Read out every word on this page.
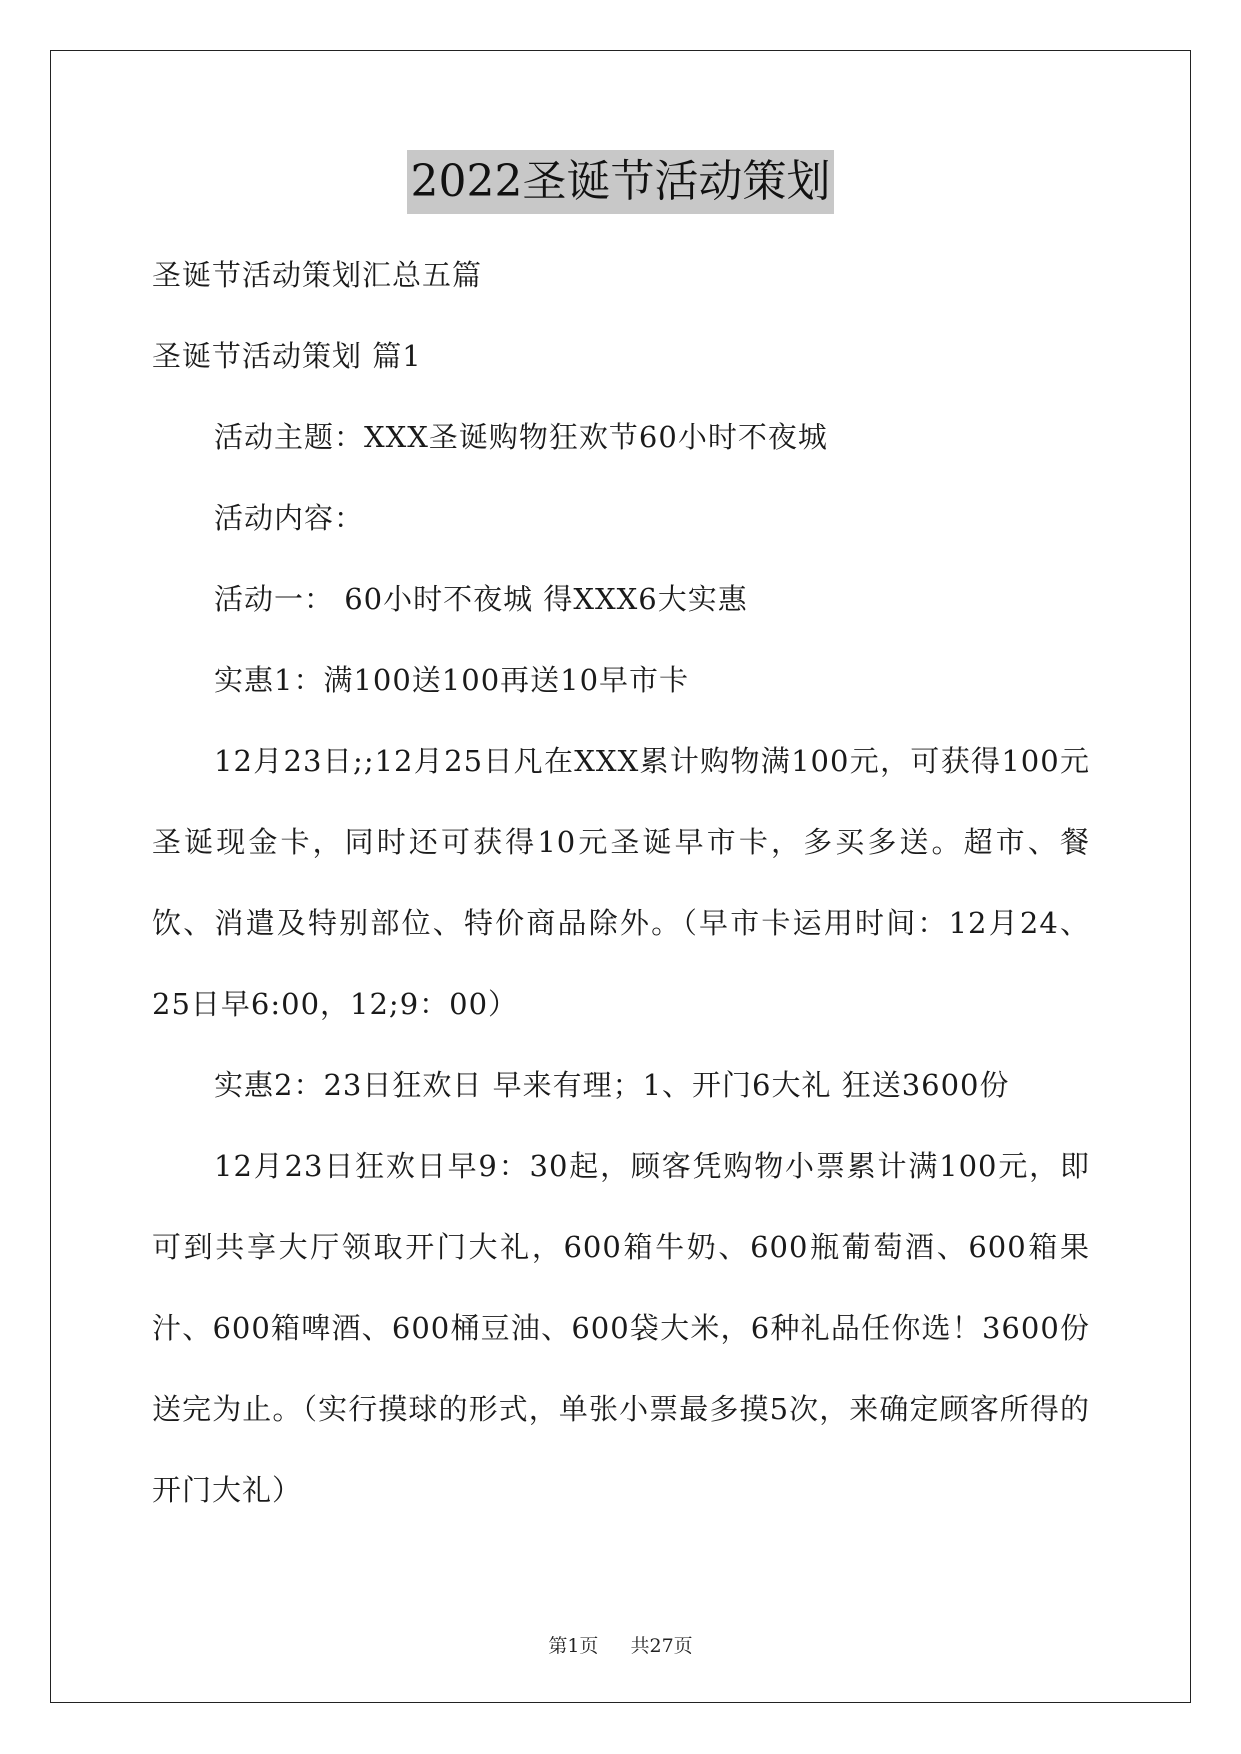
2022圣诞节活动策划

圣诞节活动策划汇总五篇

圣诞节活动策划 篇1

活动主题：XXX圣诞购物狂欢节60小时不夜城

活动内容：

活动一： 60小时不夜城 得XXX6大实惠

实惠1：满100送100再送10早市卡

12月23日;;12月25日凡在XXX累计购物满100元，可获得100元圣诞现金卡，同时还可获得10元圣诞早市卡，多买多送。超市、餐饮、消遣及特别部位、特价商品除外。（早市卡运用时间：12月24、25日早6:00，12;9：00）

实惠2：23日狂欢日 早来有理；1、开门6大礼 狂送3600份

12月23日狂欢日早9：30起，顾客凭购物小票累计满100元，即可到共享大厅领取开门大礼，600箱牛奶、600瓶葡萄酒、600箱果汁、600箱啤酒、600桶豆油、600袋大米，6种礼品任你选！3600份送完为止。（实行摸球的形式，单张小票最多摸5次，来确定顾客所得的开门大礼）

第1页 共27页
